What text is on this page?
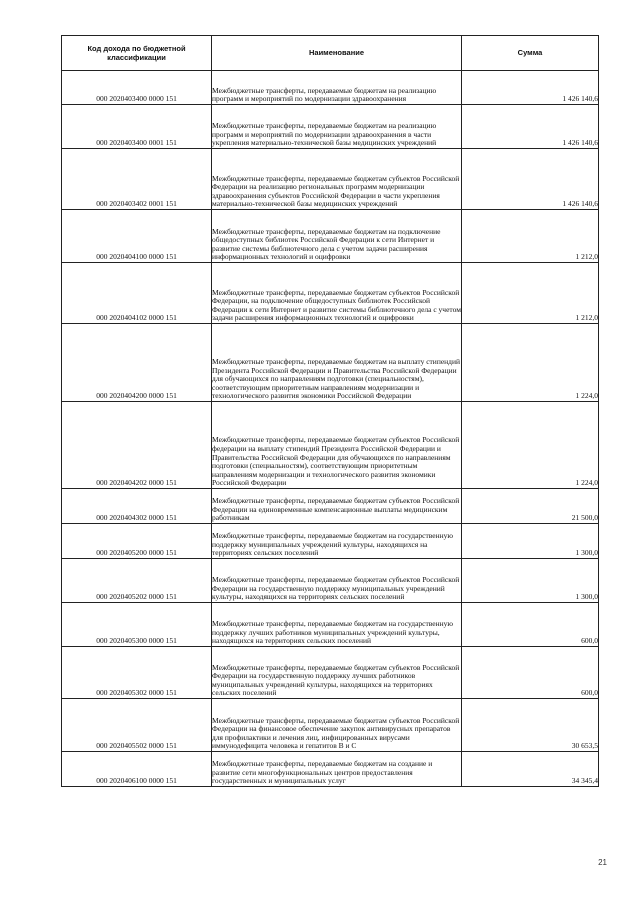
Код дохода по бюджетной классификации	Наименование	Сумма

000 2020403400 0000 151	Межбюджетные трансферты, передаваемые бюджетам на реализацию программ и мероприятий по модернизации здравоохранения	1 426 140,6

000 2020403400 0001 151	Межбюджетные трансферты, передаваемые бюджетам на реализацию программ и мероприятий по модернизации здравоохранения в части укрепления материально-технической базы медицинских учреждений	1 426 140,6

000 2020403402 0001 151	Межбюджетные трансферты, передаваемые бюджетам субъектов Российской Федерации на реализацию региональных программ модернизации здравоохранения субъектов Российской Федерации в части укрепления материально-технической базы медицинских учреждений	1 426 140,6

000 2020404100 0000 151	Межбюджетные трансферты, передаваемые бюджетам на подключение общедоступных библиотек Российской Федерации к сети Интернет и развитие системы библиотечного дела с учетом задачи расширения информационных технологий и оцифровки	1 212,0

000 2020404102 0000 151	Межбюджетные трансферты, передаваемые бюджетам субъектов Российской Федерации, на подключение общедоступных библиотек Российской Федерации к сети Интернет и развитие системы библиотечного дела с учетом задачи расширения информационных технологий и оцифровки	1 212,0

000 2020404200 0000 151	Межбюджетные трансферты, передаваемые бюджетам на выплату стипендий Президента Российской Федерации и Правительства Российской Федерации для обучающихся по направлениям подготовки (специальностям), соответствующим приоритетным направлениям модернизации и технологического развития экономики Российской Федерации	1 224,0

000 2020404202 0000 151	Межбюджетные трансферты, передаваемые бюджетам субъектов Российской федерации на выплату стипендий Президента Российской Федерации и Правительства Российской Федерации для обучающихся по направлениям подготовки (специальностям), соответствующим приоритетным направлениям модернизации и технологического развития экономики Российской Федерации	1 224,0

000 2020404302 0000 151	Межбюджетные трансферты, передаваемые бюджетам субъектов Российской Федерации на единовременные компенсационные выплаты медицинским работникам	21 500,0

000 2020405200 0000 151	Межбюджетные трансферты, передаваемые бюджетам на государственную поддержку муниципальных учреждений культуры, находящихся на территориях сельских поселений	1 300,0

000 2020405202 0000 151	Межбюджетные трансферты, передаваемые бюджетам субъектов Российской Федерации на государственную поддержку муниципальных учреждений культуры, находящихся на территориях сельских поселений	1 300,0

000 2020405300 0000 151	Межбюджетные трансферты, передаваемые бюджетам на государственную поддержку лучших работников муниципальных учреждений культуры, находящихся на территориях сельских поселений	600,0

000 2020405302 0000 151	Межбюджетные трансферты, передаваемые бюджетам субъектов Российской Федерации на государственную поддержку лучших работников муниципальных учреждений культуры, находящихся на территориях сельских поселений	600,0

000 2020405502 0000 151	Межбюджетные трансферты, передаваемые бюджетам субъектов Российской Федерации на финансовое обеспечение закупок антивирусных препаратов для профилактики и лечения лиц, инфицированных вирусами иммунодефицита человека и гепатитов B и C	30 653,5

000 2020406100 0000 151	Межбюджетные трансферты, передаваемые бюджетам на создание и развитие сети многофункциональных центров предоставления государственных и муниципальных услуг	34 345,4
21
